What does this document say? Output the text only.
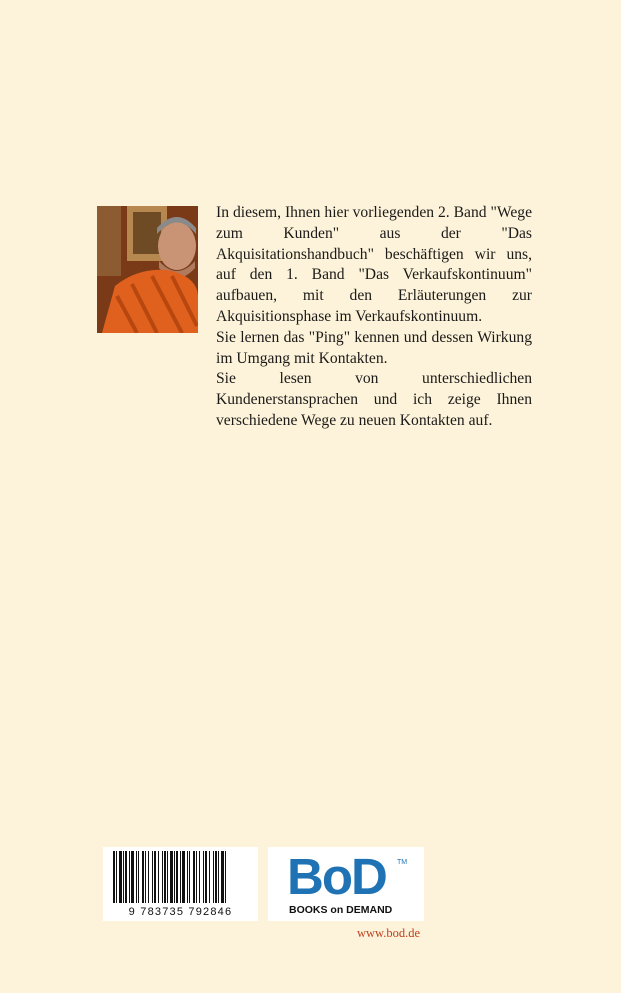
In diesem, Ihnen hier vorliegenden 2. Band "Wege zum Kunden" aus der "Das Akquisitationshandbuch" beschäftigen wir uns, auf den 1. Band "Das Verkaufskontinuum" aufbauen, mit den Erläuterungen zur Akquisitionsphase im Verkaufskontinuum.

Sie lernen das "Ping" kennen und dessen Wirkung im Umgang mit Kontakten.

Sie lesen von unterschiedlichen Kundenerstansprachen und ich zeige Ihnen verschiedene Wege zu neuen Kontakten auf.

9 783735 792846
BoD TM
BOOKS on DEMAND
www.bod.de
